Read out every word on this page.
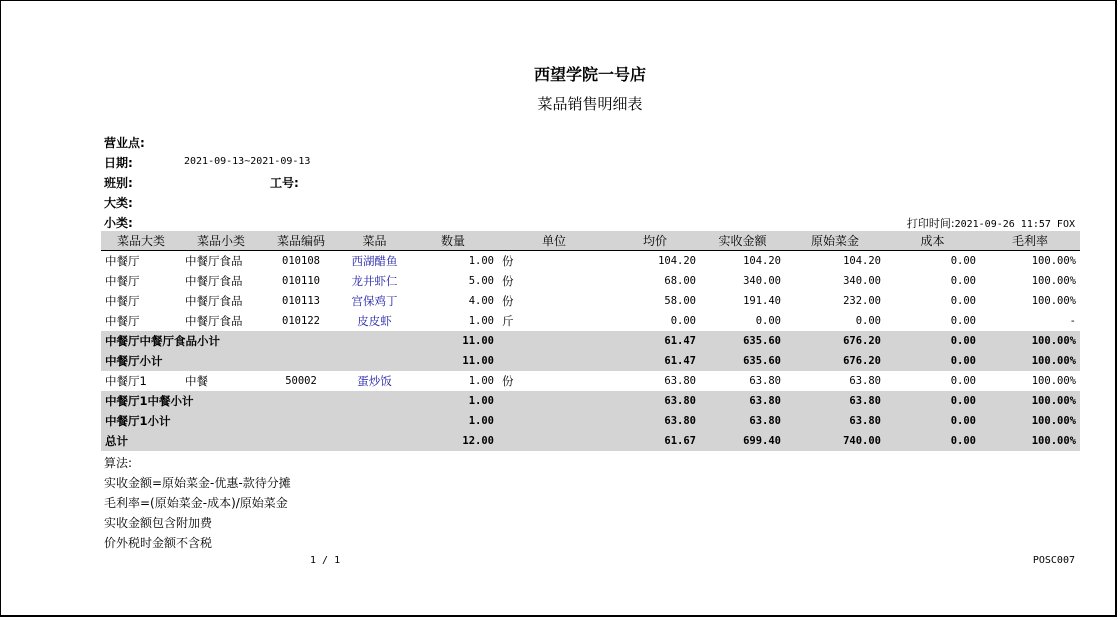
西望学院一号店
菜品销售明细表
营业点:
日期:	2021-09-13~2021-09-13
班别:	工号:
大类:
小类:	打印时间:2021-09-26 11:57 FOX
菜品大类	菜品小类	菜品编码	菜品	数量	单位	均价	实收金额	原始菜金	成本	毛利率
中餐厅	中餐厅食品	010108	西湖醋鱼	1.00	份	104.20	104.20	104.20	0.00	100.00%
中餐厅	中餐厅食品	010110	龙井虾仁	5.00	份	68.00	340.00	340.00	0.00	100.00%
中餐厅	中餐厅食品	010113	宫保鸡丁	4.00	份	58.00	191.40	232.00	0.00	100.00%
中餐厅	中餐厅食品	010122	皮皮虾	1.00	斤	0.00	0.00	0.00	0.00	-
中餐厅中餐厅食品小计				11.00		61.47	635.60	676.20	0.00	100.00%
中餐厅小计				11.00		61.47	635.60	676.20	0.00	100.00%
中餐厅1	中餐	50002	蛋炒饭	1.00	份	63.80	63.80	63.80	0.00	100.00%
中餐厅1中餐小计				1.00		63.80	63.80	63.80	0.00	100.00%
中餐厅1小计				1.00		63.80	63.80	63.80	0.00	100.00%
总计				12.00		61.67	699.40	740.00	0.00	100.00%
算法:
实收金额=原始菜金-优惠-款待分摊
毛利率=(原始菜金-成本)/原始菜金
实收金额包含附加费
价外税时金额不含税
1 / 1	POSC007
